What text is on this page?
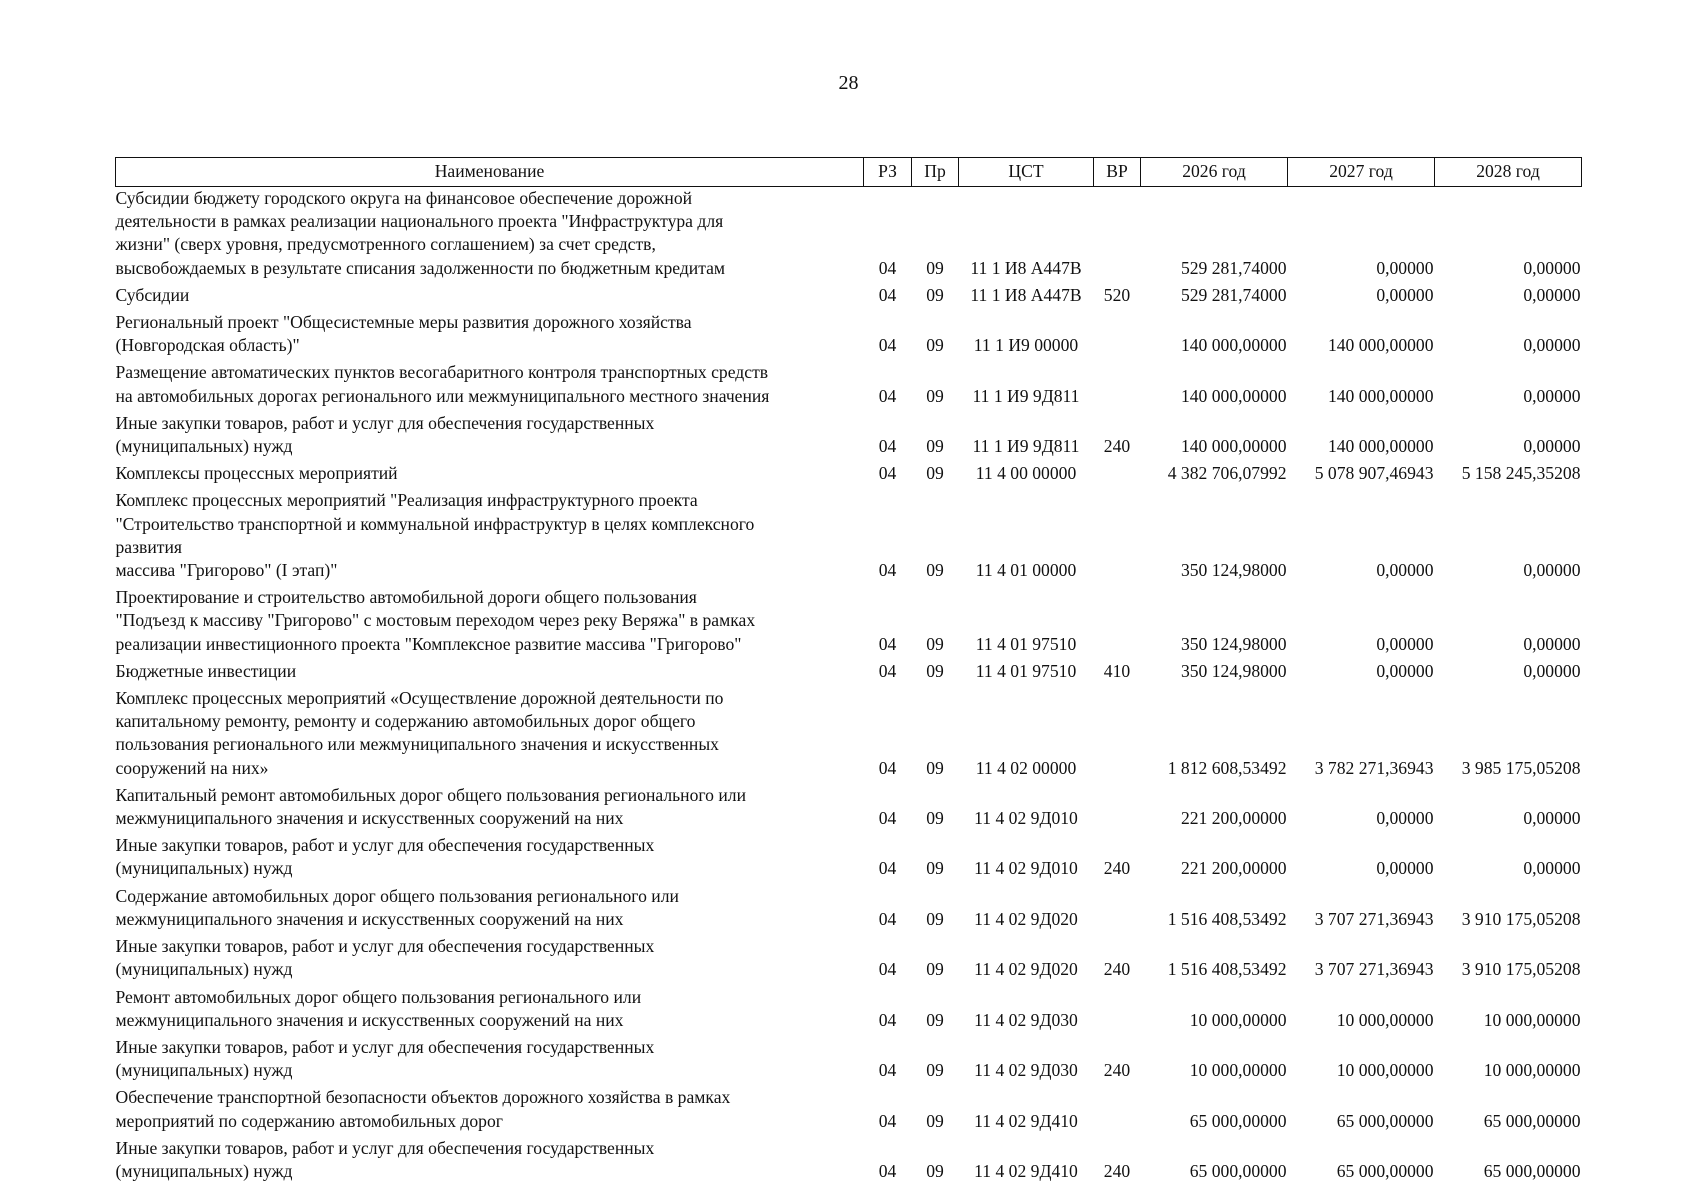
28
Наименование	РЗ	Пр	ЦСТ	ВР	2026 год	2027 год	2028 год

Субсидии бюджету городского округа на финансовое обеспечение дорожной
деятельности в рамках реализации национального проекта "Инфраструктура для
жизни" (сверх уровня, предусмотренного соглашением) за счет средств,
высвобождаемых в результате списания задолженности по бюджетным кредитам	04	09	11 1 И8 А447В		529 281,74000	0,00000	0,00000

Субсидии	04	09	11 1 И8 А447В	520	529 281,74000	0,00000	0,00000

Региональный проект "Общесистемные меры развития дорожного хозяйства
(Новгородская область)"	04	09	11 1 И9 00000		140 000,00000	140 000,00000	0,00000

Размещение автоматических пунктов весогабаритного контроля транспортных средств
на автомобильных дорогах регионального или межмуниципального местного значения	04	09	11 1 И9 9Д811		140 000,00000	140 000,00000	0,00000

Иные закупки товаров, работ и услуг для обеспечения государственных
(муниципальных) нужд	04	09	11 1 И9 9Д811	240	140 000,00000	140 000,00000	0,00000

Комплексы процессных мероприятий	04	09	11 4 00 00000		4 382 706,07992	5 078 907,46943	5 158 245,35208

Комплекс процессных мероприятий "Реализация инфраструктурного проекта
"Строительство транспортной и коммунальной инфраструктур в целях комплексного
развития
массива "Григорово" (I этап)"	04	09	11 4 01 00000		350 124,98000	0,00000	0,00000

Проектирование и строительство автомобильной дороги общего пользования
"Подъезд к массиву "Григорово" с мостовым переходом через реку Веряжа" в рамках
реализации инвестиционного проекта "Комплексное развитие массива "Григорово"	04	09	11 4 01 97510		350 124,98000	0,00000	0,00000

Бюджетные инвестиции	04	09	11 4 01 97510	410	350 124,98000	0,00000	0,00000

Комплекс процессных мероприятий «Осуществление дорожной деятельности по
капитальному ремонту, ремонту и содержанию автомобильных дорог общего
пользования регионального или межмуниципального значения и искусственных
сооружений на них»	04	09	11 4 02 00000		1 812 608,53492	3 782 271,36943	3 985 175,05208

Капитальный ремонт автомобильных дорог общего пользования регионального или
межмуниципального значения и искусственных сооружений на них	04	09	11 4 02 9Д010		221 200,00000	0,00000	0,00000

Иные закупки товаров, работ и услуг для обеспечения государственных
(муниципальных) нужд	04	09	11 4 02 9Д010	240	221 200,00000	0,00000	0,00000

Содержание автомобильных дорог общего пользования регионального или
межмуниципального значения и искусственных сооружений на них	04	09	11 4 02 9Д020		1 516 408,53492	3 707 271,36943	3 910 175,05208

Иные закупки товаров, работ и услуг для обеспечения государственных
(муниципальных) нужд	04	09	11 4 02 9Д020	240	1 516 408,53492	3 707 271,36943	3 910 175,05208

Ремонт автомобильных дорог общего пользования регионального или
межмуниципального значения и искусственных сооружений на них	04	09	11 4 02 9Д030		10 000,00000	10 000,00000	10 000,00000

Иные закупки товаров, работ и услуг для обеспечения государственных
(муниципальных) нужд	04	09	11 4 02 9Д030	240	10 000,00000	10 000,00000	10 000,00000

Обеспечение транспортной безопасности объектов дорожного хозяйства в рамках
мероприятий по содержанию автомобильных дорог	04	09	11 4 02 9Д410		65 000,00000	65 000,00000	65 000,00000

Иные закупки товаров, работ и услуг для обеспечения государственных
(муниципальных) нужд	04	09	11 4 02 9Д410	240	65 000,00000	65 000,00000	65 000,00000
